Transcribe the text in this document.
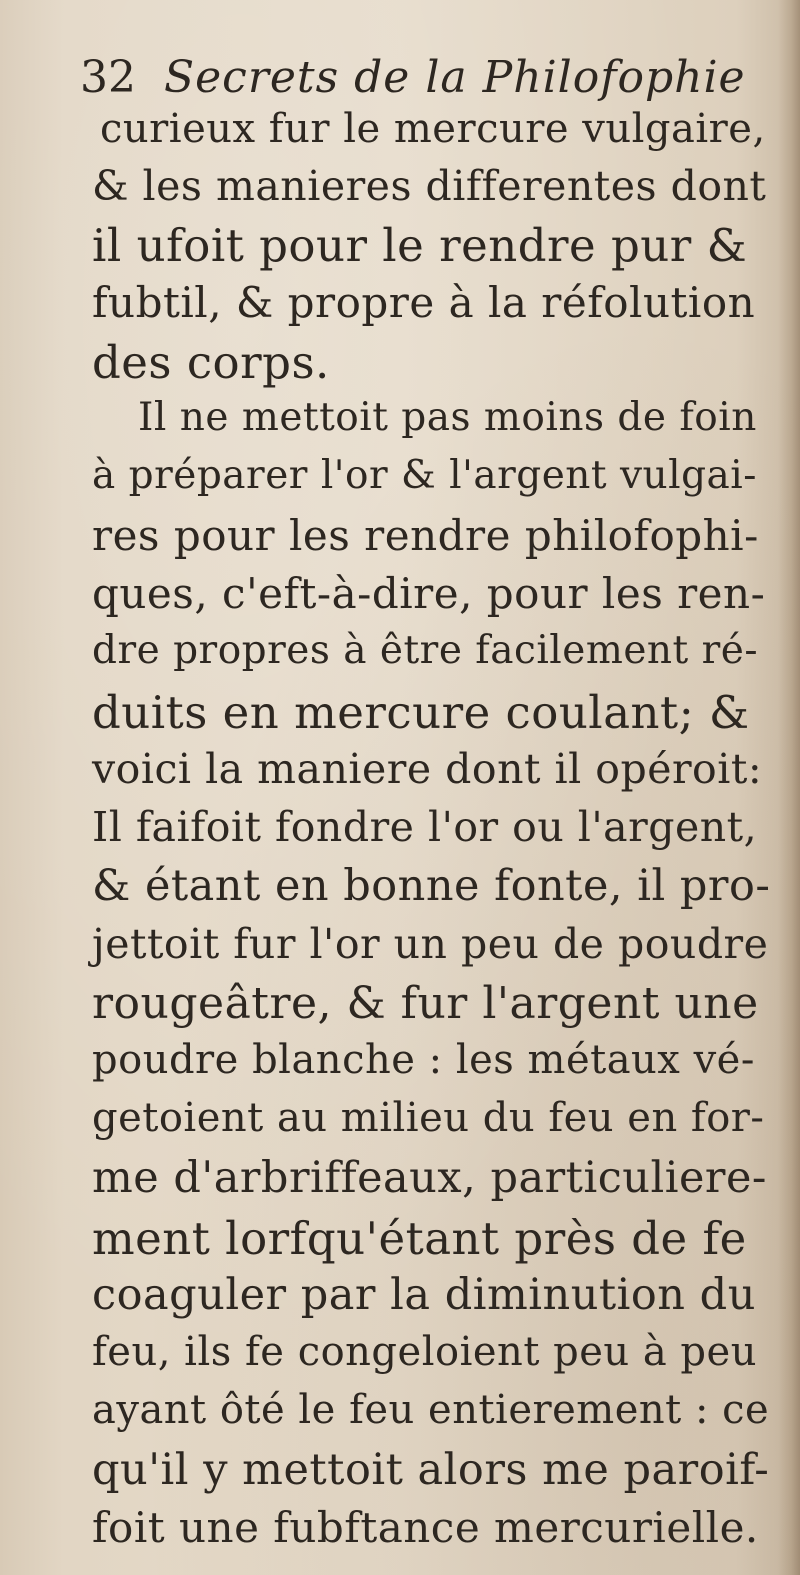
32 Secrets de la Philofophie
curieux fur le mercure vulgaire,
& les manieres differentes dont
il ufoit pour le rendre pur &
fubtil, & propre à la réfolution
des corps.
Il ne mettoit pas moins de foin
à préparer l'or & l'argent vulgai-
res pour les rendre philofophi-
ques, c'eft-à-dire, pour les ren-
dre propres à être facilement ré-
duits en mercure coulant; &
voici la maniere dont il opéroit:
Il faifoit fondre l'or ou l'argent,
& étant en bonne fonte, il pro-
jettoit fur l'or un peu de poudre
rougeâtre, & fur l'argent une
poudre blanche : les métaux vé-
getoient au milieu du feu en for-
me d'arbriffeaux, particuliere-
ment lorfqu'étant près de fe
coaguler par la diminution du
feu, ils fe congeloient peu à peu
ayant ôté le feu entierement : ce
qu'il y mettoit alors me paroif-
foit une fubftance mercurielle.
